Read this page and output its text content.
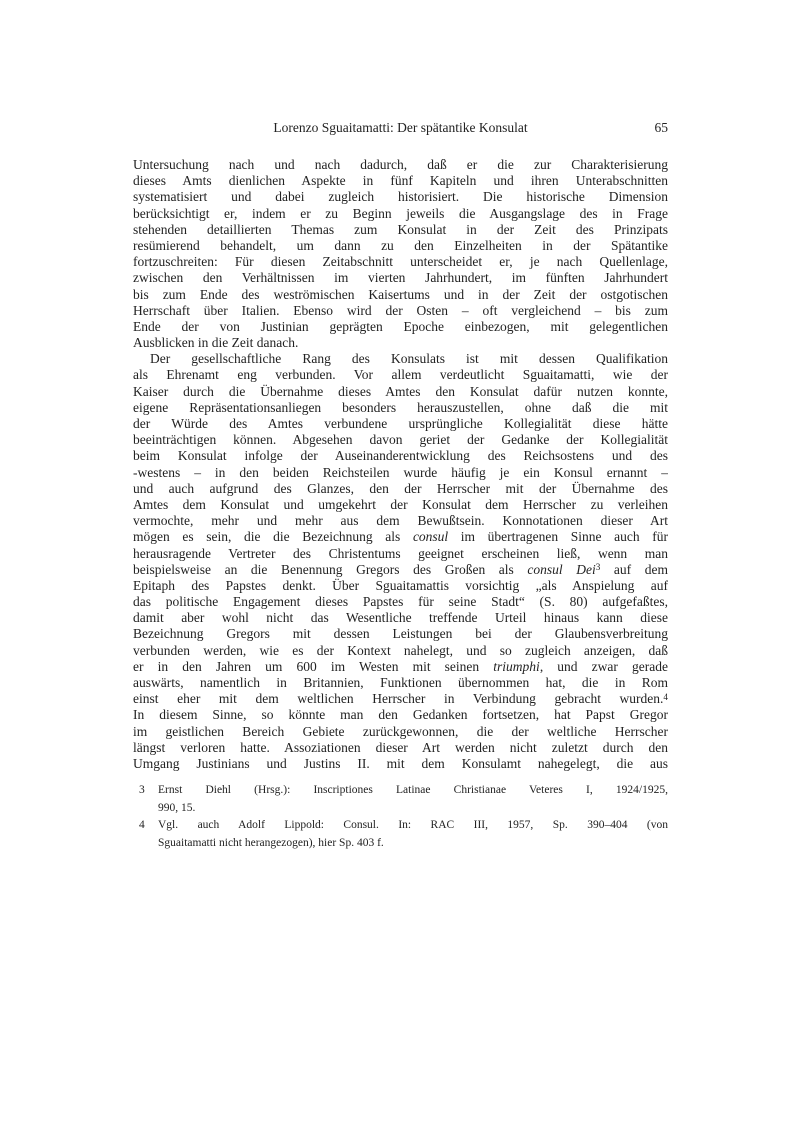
Lorenzo Sguaitamatti: Der spätantike Konsulat	65
Untersuchung nach und nach dadurch, daß er die zur Charakterisierung
dieses Amts dienlichen Aspekte in fünf Kapiteln und ihren Unterabschnitten
systematisiert und dabei zugleich historisiert. Die historische Dimension
berücksichtigt er, indem er zu Beginn jeweils die Ausgangslage des in Frage
stehenden detaillierten Themas zum Konsulat in der Zeit des Prinzipats
resümierend behandelt, um dann zu den Einzelheiten in der Spätantike
fortzuschreiten: Für diesen Zeitabschnitt unterscheidet er, je nach Quellenlage,
zwischen den Verhältnissen im vierten Jahrhundert, im fünften Jahrhundert
bis zum Ende des weströmischen Kaisertums und in der Zeit der ostgotischen
Herrschaft über Italien. Ebenso wird der Osten – oft vergleichend – bis zum
Ende der von Justinian geprägten Epoche einbezogen, mit gelegentlichen
Ausblicken in die Zeit danach.
Der gesellschaftliche Rang des Konsulats ist mit dessen Qualifikation
als Ehrenamt eng verbunden. Vor allem verdeutlicht Sguaitamatti, wie der
Kaiser durch die Übernahme dieses Amtes den Konsulat dafür nutzen konnte,
eigene Repräsentationsanliegen besonders herauszustellen, ohne daß die mit
der Würde des Amtes verbundene ursprüngliche Kollegialität diese hätte
beeinträchtigen können. Abgesehen davon geriet der Gedanke der Kollegialität
beim Konsulat infolge der Auseinanderentwicklung des Reichsostens und des
-westens – in den beiden Reichsteilen wurde häufig je ein Konsul ernannt –
und auch aufgrund des Glanzes, den der Herrscher mit der Übernahme des
Amtes dem Konsulat und umgekehrt der Konsulat dem Herrscher zu verleihen
vermochte, mehr und mehr aus dem Bewußtsein. Konnotationen dieser Art
mögen es sein, die die Bezeichnung als consul im übertragenen Sinne auch für
herausragende Vertreter des Christentums geeignet erscheinen ließ, wenn man
beispielsweise an die Benennung Gregors des Großen als consul Dei$^3$ auf dem
Epitaph des Papstes denkt. Über Sguaitamattis vorsichtig „als Anspielung auf
das politische Engagement dieses Papstes für seine Stadt“ (S. 80) aufgefaßtes,
damit aber wohl nicht das Wesentliche treffende Urteil hinaus kann diese
Bezeichnung Gregors mit dessen Leistungen bei der Glaubensverbreitung
verbunden werden, wie es der Kontext nahelegt, und so zugleich anzeigen, daß
er in den Jahren um 600 im Westen mit seinen triumphi, und zwar gerade
auswärts, namentlich in Britannien, Funktionen übernommen hat, die in Rom
einst eher mit dem weltlichen Herrscher in Verbindung gebracht wurden.$^4$
In diesem Sinne, so könnte man den Gedanken fortsetzen, hat Papst Gregor
im geistlichen Bereich Gebiete zurückgewonnen, die der weltliche Herrscher
längst verloren hatte. Assoziationen dieser Art werden nicht zuletzt durch den
Umgang Justinians und Justins II. mit dem Konsulamt nahegelegt, die aus
3 Ernst Diehl (Hrsg.): Inscriptiones Latinae Christianae Veteres I, 1924/1925,
990, 15.
4 Vgl. auch Adolf Lippold: Consul. In: RAC III, 1957, Sp. 390–404 (von
Sguaitamatti nicht herangezogen), hier Sp. 403 f.
